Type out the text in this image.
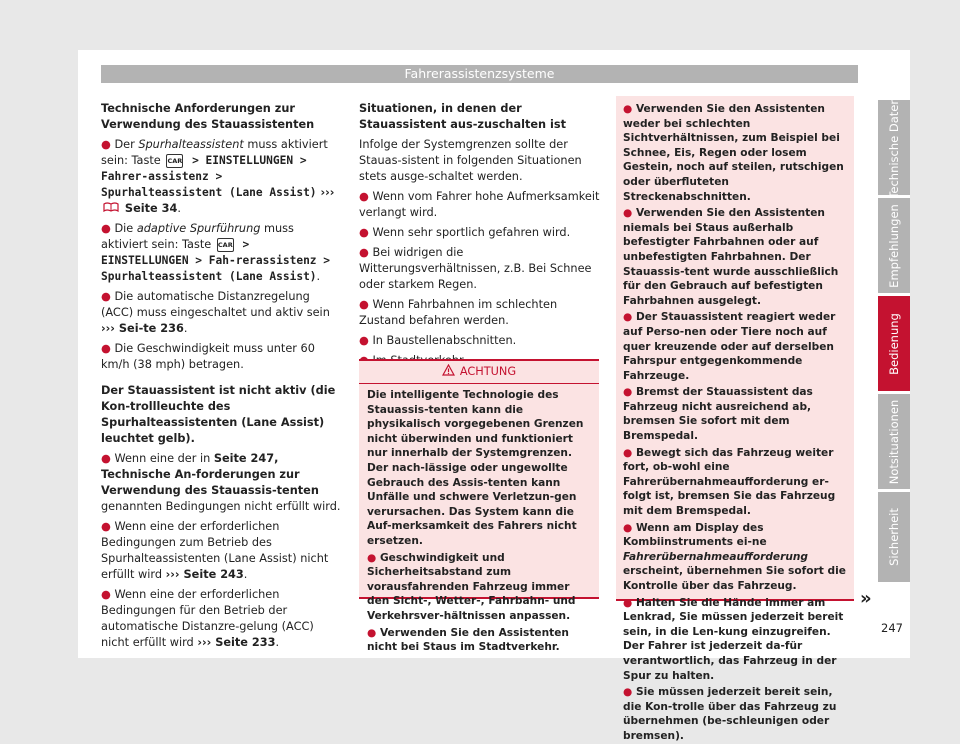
Fahrerassistenzsysteme

Technische Anforderungen zur Verwendung des Stauassistenten

● Der Spurhalteassistent muss aktiviert sein: Taste CAR > EINSTELLUNGEN > Fahrer-assistenz > Spurhalteassistent (Lane Assist) ›››  Seite 34.

● Die adaptive Spurführung muss aktiviert sein: Taste CAR > EINSTELLUNGEN > Fah-rerassistenz > Spurhalteassistent (Lane Assist).

● Die automatische Distanzregelung (ACC) muss eingeschaltet und aktiv sein ››› Sei-te 236.

● Die Geschwindigkeit muss unter 60 km/h (38 mph) betragen.

Der Stauassistent ist nicht aktiv (die Kon-trollleuchte des Spurhalteassistenten (Lane Assist) leuchtet gelb).

● Wenn eine der in Seite 247, Technische An-forderungen zur Verwendung des Stauassis-tenten genannten Bedingungen nicht erfüllt wird.

● Wenn eine der erforderlichen Bedingungen zum Betrieb des Spurhalteassistenten (Lane Assist) nicht erfüllt wird ››› Seite 243.

● Wenn eine der erforderlichen Bedingungen für den Betrieb der automatische Distanzre-gelung (ACC) nicht erfüllt wird ››› Seite 233.

Situationen, in denen der Stauassistent aus-zuschalten ist

Infolge der Systemgrenzen sollte der Stauas-sistent in folgenden Situationen stets ausge-schaltet werden.

● Wenn vom Fahrer hohe Aufmerksamkeit verlangt wird.

● Wenn sehr sportlich gefahren wird.

● Bei widrigen die Witterungsverhältnissen, z.B. Bei Schnee oder starkem Regen.

● Wenn Fahrbahnen im schlechten Zustand befahren werden.

● In Baustellenabschnitten.

ACHTUNG

Die intelligente Technologie des Stauassis-tenten kann die physikalisch vorgegebenen Grenzen nicht überwinden und funktioniert nur innerhalb der Systemgrenzen. Der nach-lässige oder ungewollte Gebrauch des Assis-tenten kann Unfälle und schwere Verletzun-gen verursachen. Das System kann die Auf-merksamkeit des Fahrers nicht ersetzen.

● Geschwindigkeit und Sicherheitsabstand zum vorausfahrenden Fahrzeug immer den Sicht-, Wetter-, Fahrbahn- und Verkehrsver-hältnissen anpassen.

● Verwenden Sie den Assistenten nicht bei Staus im Stadtverkehr.

● Verwenden Sie den Assistenten weder bei schlechten Sichtverhältnissen, zum Beispiel bei Schnee, Eis, Regen oder losem Gestein, noch auf steilen, rutschigen oder überfluteten Streckenabschnitten.

● Verwenden Sie den Assistenten niemals bei Staus außerhalb befestigter Fahrbahnen oder auf unbefestigten Fahrbahnen. Der Stauassis-tent wurde ausschließlich für den Gebrauch auf befestigten Fahrbahnen ausgelegt.

● Der Stauassistent reagiert weder auf Perso-nen oder Tiere noch auf quer kreuzende oder auf derselben Fahrspur entgegenkommende Fahrzeuge.

● Bremst der Stauassistent das Fahrzeug nicht ausreichend ab, bremsen Sie sofort mit dem Bremspedal.

● Bewegt sich das Fahrzeug weiter fort, ob-wohl eine Fahrerübernahmeaufforderung er-folgt ist, bremsen Sie das Fahrzeug mit dem Bremspedal.

● Wenn am Display des Kombiinstruments ei-ne Fahrerübernahmeaufforderung erscheint, übernehmen Sie sofort die Kontrolle über das Fahrzeug.

● Halten Sie die Hände immer am Lenkrad, Sie müssen jederzeit bereit sein, in die Len-kung einzugreifen. Der Fahrer ist jederzeit da-für verantwortlich, das Fahrzeug in der Spur zu halten.

● Sie müssen jederzeit bereit sein, die Kon-trolle über das Fahrzeug zu übernehmen (be-schleunigen oder bremsen).

»
Technische Daten
Empfehlungen
Bedienung
Notsituationen
Sicherheit
247
